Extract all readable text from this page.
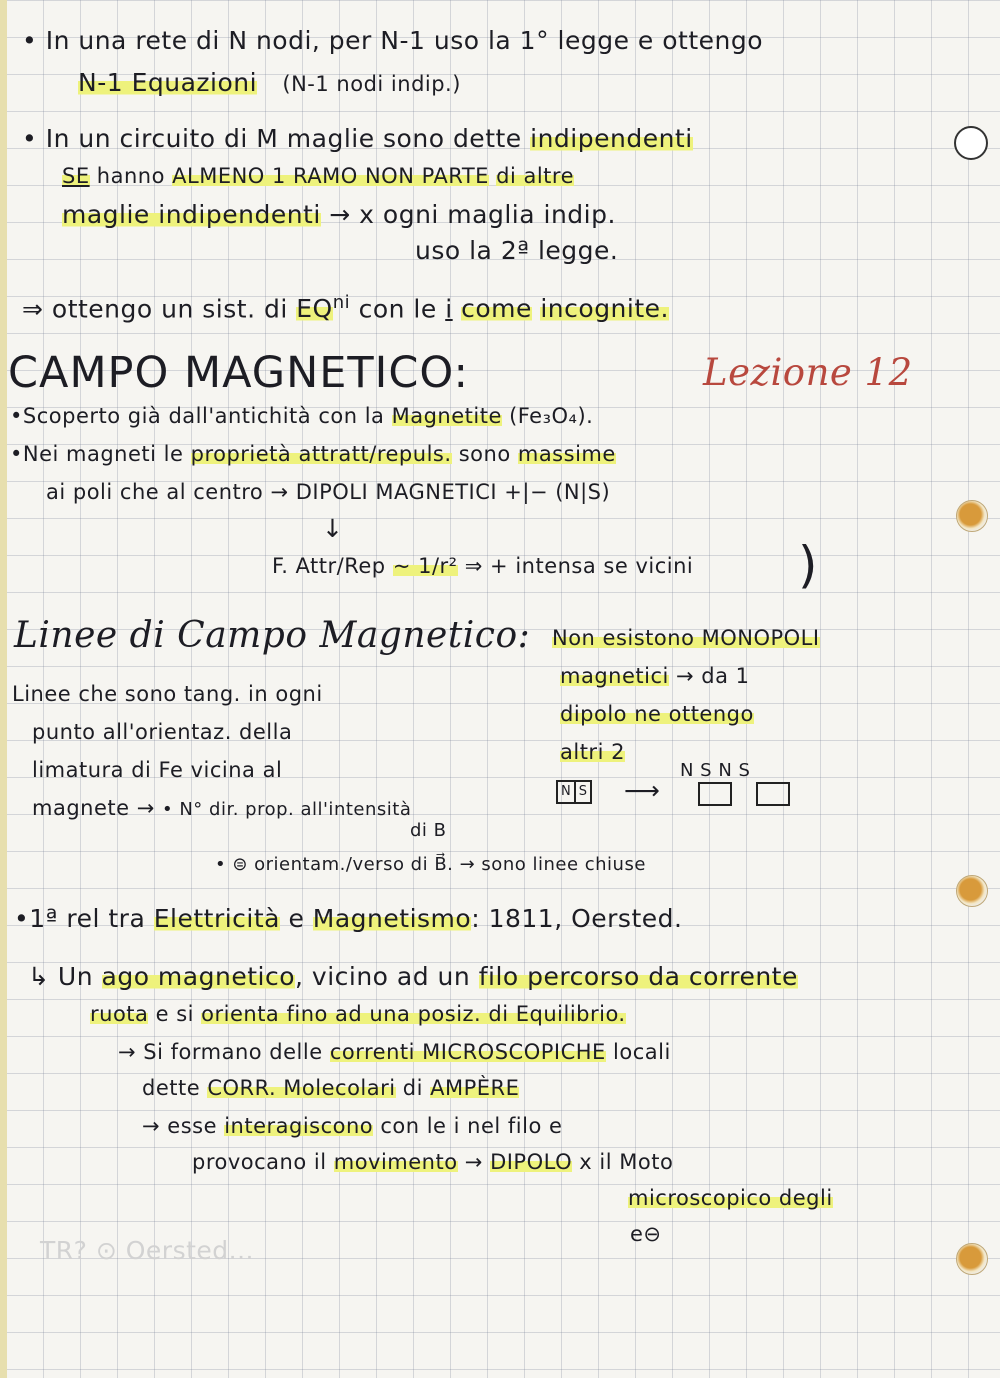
• In una rete di N nodi, per N-1 uso la 1° legge e ottengo
N-1 Equazioni (N-1 nodi indip.)
• In un circuito di M maglie sono dette indipendenti
SE hanno ALMENO 1 RAMO NON PARTE di altre
maglie indipendenti → x ogni maglia indip.
uso la 2ª legge.
⇒ ottengo un sist. di $EQ^{ni}$ con le i come incognite.
CAMPO MAGNETICO:	Lezione 12
•Scoperto già dall'antichità con la Magnetite (Fe₃O₄).
•Nei magneti le proprietà attratt/repuls. sono massime
ai poli che al centro → DIPOLI MAGNETICI +|− (N|S)
↓
F. Attr/Rep ~ 1/r² ⇒ + intensa se vicini )
Linee di Campo Magnetico:
Linee che sono tang. in ogni
punto all'orientaz. della
limatura di Fe vicina al
magnete → • N° dir. prop. all'intensità
di B
• ⊜ orientam./verso di B⃗. → sono linee chiuse
Non esistono MONOPOLI
magnetici → da 1
dipolo ne ottengo
altri 2
N S ⟶
N S N S
•1ª rel tra Elettricità e Magnetismo: 1811, Oersted.
↳ Un ago magnetico, vicino ad un filo percorso da corrente
ruota e si orienta fino ad una posiz. di Equilibrio.
→ Si formano delle correnti MICROSCOPICHE locali
dette CORR. Molecolari di AMPÈRE
→ esse interagiscono con le i nel filo e
provocano il movimento → DIPOLO x il Moto
microscopico degli
e⊖
TR? ⊙ Oersted...
